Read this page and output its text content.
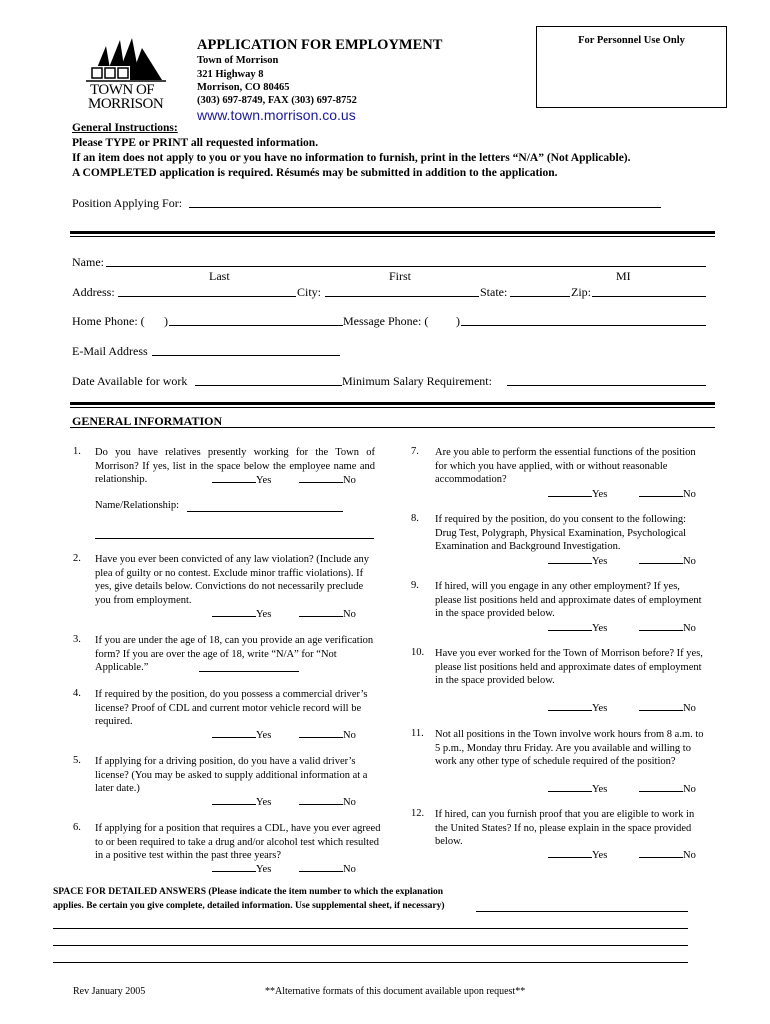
TOWN OF
MORRISON
APPLICATION FOR EMPLOYMENT
Town of Morrison
321 Highway 8
Morrison, CO 80465
(303) 697-8749, FAX (303) 697-8752
www.town.morrison.co.us
For Personnel Use Only
General Instructions:
Please TYPE or PRINT all requested information.
If an item does not apply to you or you have no information to furnish, print in the letters “N/A” (Not Applicable).
A COMPLETED application is required. Résumés may be submitted in addition to the application.
Position Applying For:
Name:
Last	First	MI
Address:	City:	State:	Zip:
Home Phone: ( )	Message Phone: ( )
E-Mail Address
Date Available for work	Minimum Salary Requirement:
GENERAL INFORMATION
1. Do you have relatives presently working for the Town of Morrison? If yes, list in the space below the employee name and relationship.	Yes	No
Name/Relationship:
2. Have you ever been convicted of any law violation? (Include any plea of guilty or no contest. Exclude minor traffic violations). If yes, give details below. Convictions do not necessarily preclude you from employment.
Yes	No
3. If you are under the age of 18, can you provide an age verification form? If you are over the age of 18, write “N/A” for “Not Applicable.”
4. If required by the position, do you possess a commercial driver’s license? Proof of CDL and current motor vehicle record will be required.
Yes	No
5. If applying for a driving position, do you have a valid driver’s license? (You may be asked to supply additional information at a later date.)
Yes	No
6. If applying for a position that requires a CDL, have you ever agreed to or been required to take a drug and/or alcohol test which resulted in a positive test within the past three years?
Yes	No
7. Are you able to perform the essential functions of the position for which you have applied, with or without reasonable accommodation?
Yes	No
8. If required by the position, do you consent to the following: Drug Test, Polygraph, Physical Examination, Psychological Examination and Background Investigation.
Yes	No
9. If hired, will you engage in any other employment? If yes, please list positions held and approximate dates of employment in the space provided below.
Yes	No
10. Have you ever worked for the Town of Morrison before? If yes, please list positions held and approximate dates of employment in the space provided below.
Yes	No
11. Not all positions in the Town involve work hours from 8 a.m. to 5 p.m., Monday thru Friday. Are you available and willing to work any other type of schedule required of the position?
Yes	No
12. If hired, can you furnish proof that you are eligible to work in the United States? If no, please explain in the space provided below.
Yes	No
SPACE FOR DETAILED ANSWERS (Please indicate the item number to which the explanation
applies. Be certain you give complete, detailed information. Use supplemental sheet, if necessary)
Rev January 2005	**Alternative formats of this document available upon request**
